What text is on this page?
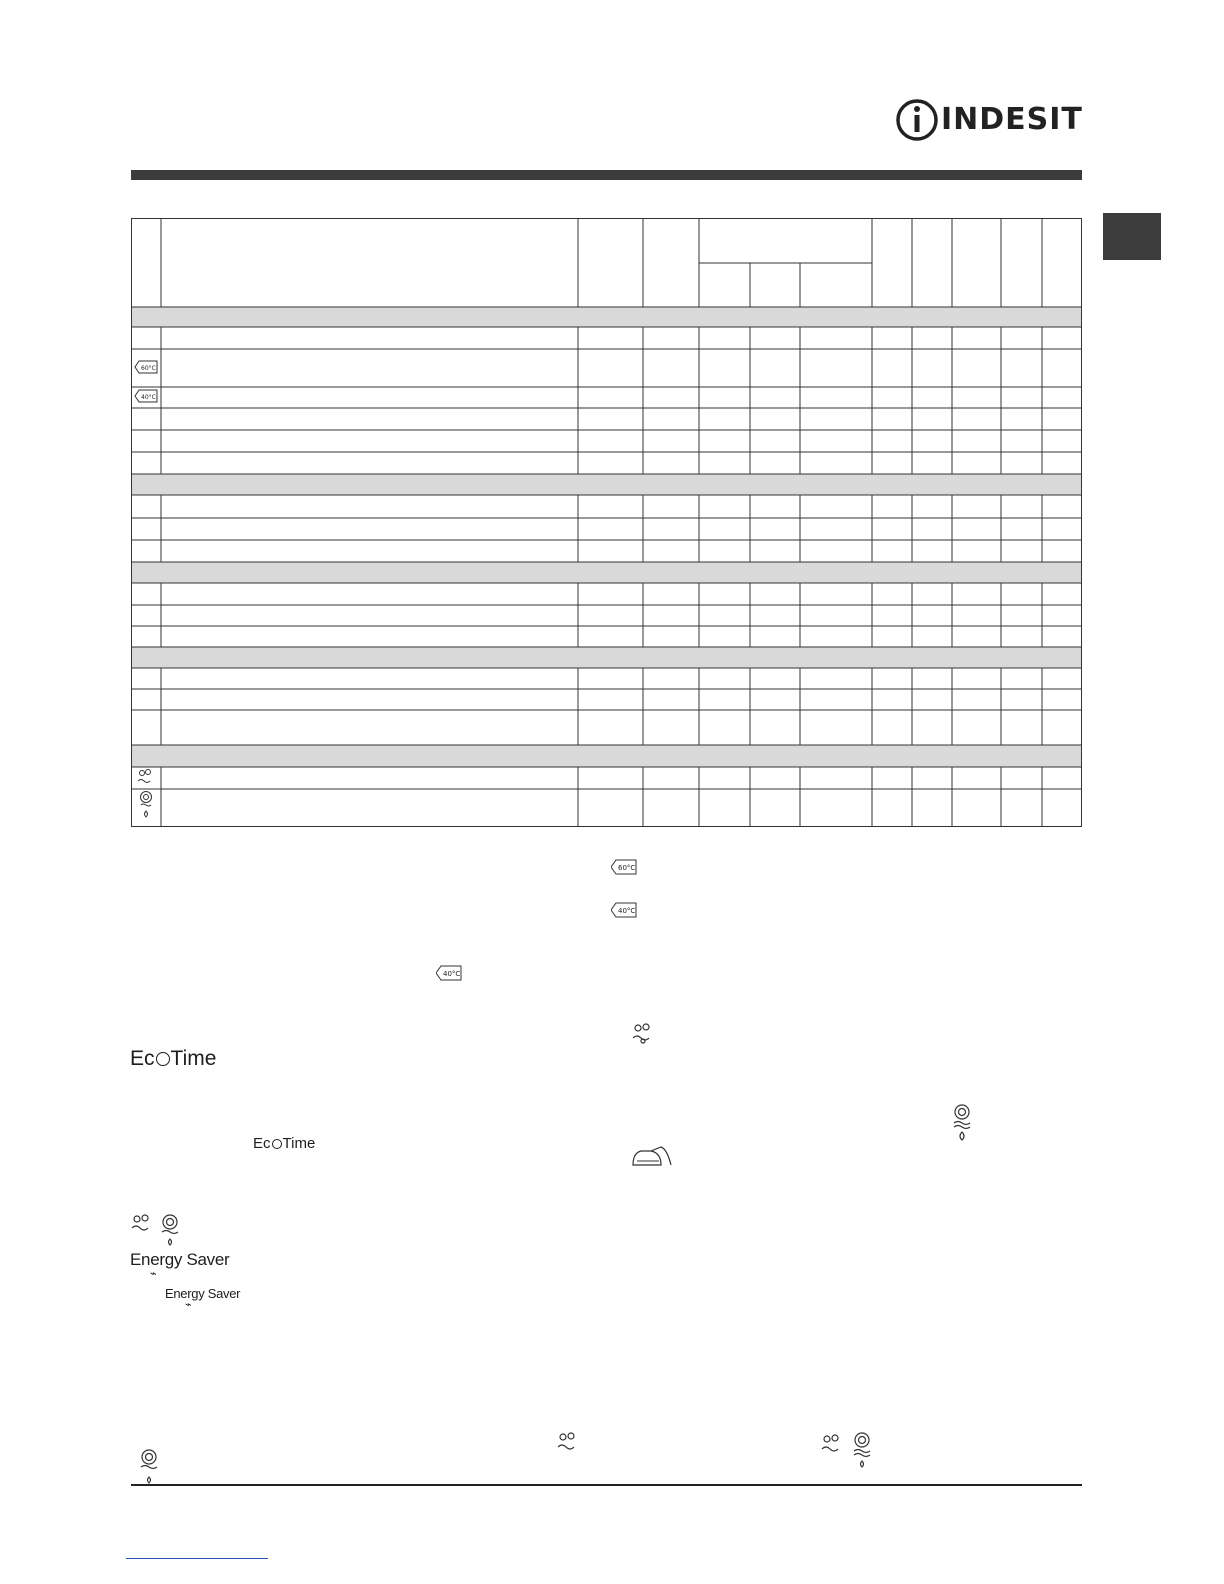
INDESIT
60°C
40°C
60°C
40°C
40°C
Ec Time
Ec Time
Energy Saver
⌁
Energy Saver
⌁
